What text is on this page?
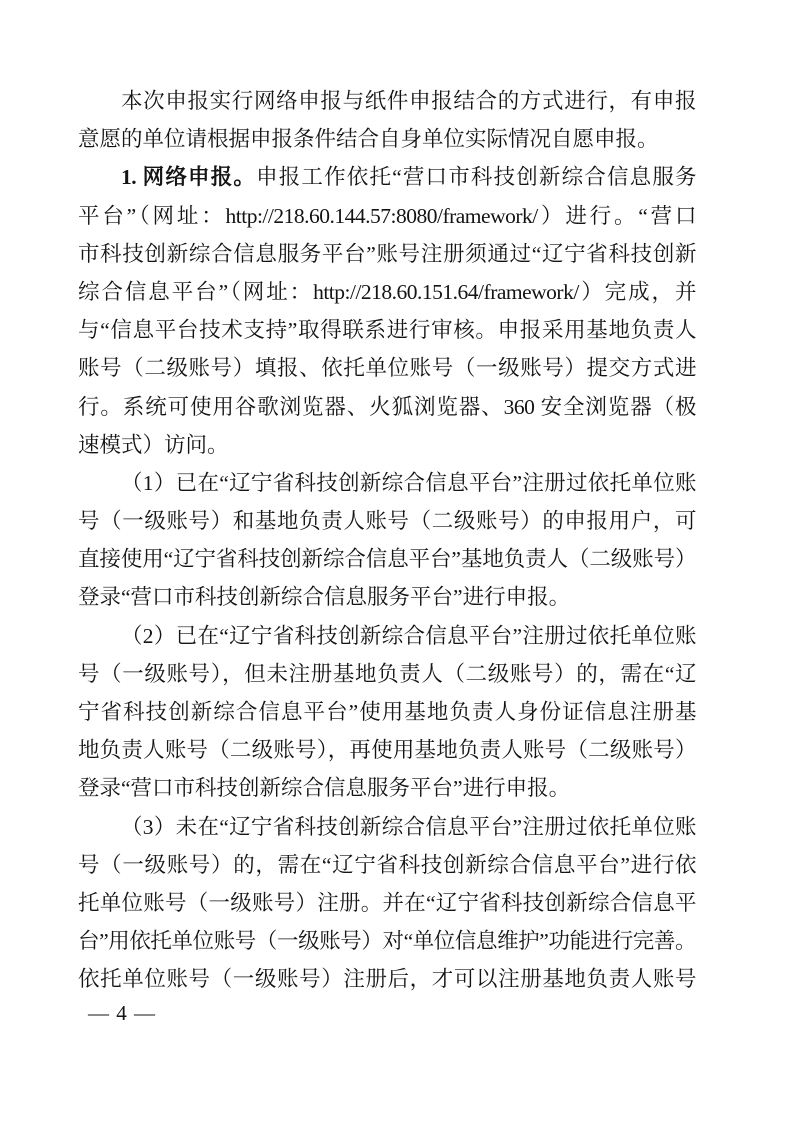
本次申报实行网络申报与纸件申报结合的方式进行，有申报
意愿的单位请根据申报条件结合自身单位实际情况自愿申报。
1. 网络申报。申报工作依托“营口市科技创新综合信息服务
平台”（网址：http://218.60.144.57:8080/framework/）进行。“营口
市科技创新综合信息服务平台”账号注册须通过“辽宁省科技创新
综合信息平台”（网址：http://218.60.151.64/framework/）完成，并
与“信息平台技术支持”取得联系进行审核。申报采用基地负责人
账号（二级账号）填报、依托单位账号（一级账号）提交方式进
行。系统可使用谷歌浏览器、火狐浏览器、360 安全浏览器（极
速模式）访问。
（1）已在“辽宁省科技创新综合信息平台”注册过依托单位账
号（一级账号）和基地负责人账号（二级账号）的申报用户，可
直接使用“辽宁省科技创新综合信息平台”基地负责人（二级账号）
登录“营口市科技创新综合信息服务平台”进行申报。
（2）已在“辽宁省科技创新综合信息平台”注册过依托单位账
号（一级账号），但未注册基地负责人（二级账号）的，需在“辽
宁省科技创新综合信息平台”使用基地负责人身份证信息注册基
地负责人账号（二级账号），再使用基地负责人账号（二级账号）
登录“营口市科技创新综合信息服务平台”进行申报。
（3）未在“辽宁省科技创新综合信息平台”注册过依托单位账
号（一级账号）的，需在“辽宁省科技创新综合信息平台”进行依
托单位账号（一级账号）注册。并在“辽宁省科技创新综合信息平
台”用依托单位账号（一级账号）对“单位信息维护”功能进行完善。
依托单位账号（一级账号）注册后，才可以注册基地负责人账号
— 4 —
